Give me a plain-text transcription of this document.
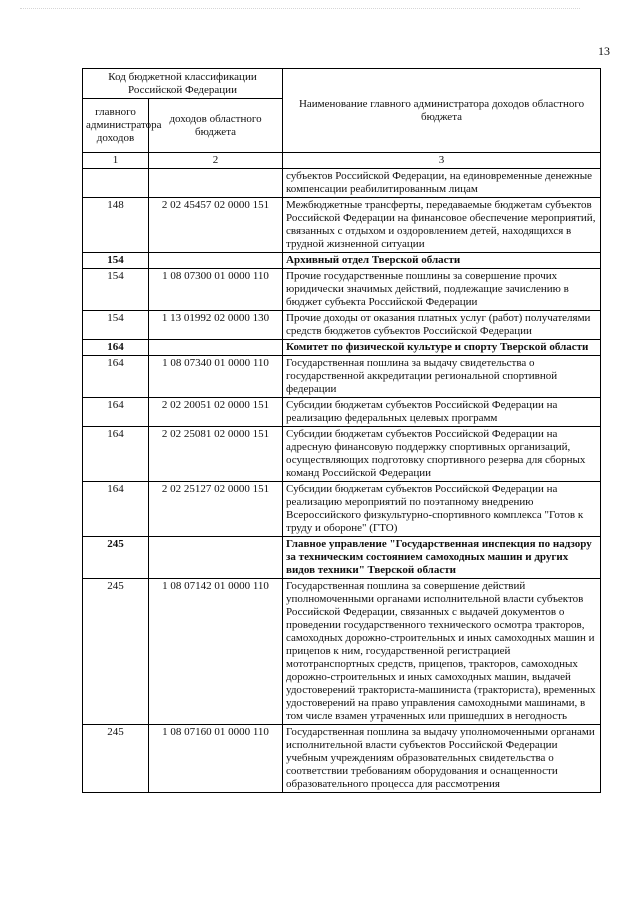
13
Код бюджетной классификации Российской Федерации		Наименование главного администратора доходов областного бюджета
главного администратора доходов	доходов областного бюджета	
1	2	3
		субъектов Российской Федерации, на единовременные денежные компенсации реабилитированным лицам
148	2 02 45457 02 0000 151	Межбюджетные трансферты, передаваемые бюджетам субъектов Российской Федерации на финансовое обеспечение мероприятий, связанных с отдыхом и оздоровлением детей, находящихся в трудной жизненной ситуации
154		Архивный отдел Тверской области
154	1 08 07300 01 0000 110	Прочие государственные пошлины за совершение прочих юридически значимых действий, подлежащие зачислению в бюджет субъекта Российской Федерации
154	1 13 01992 02 0000 130	Прочие доходы от оказания платных услуг (работ) получателями средств бюджетов субъектов Российской Федерации
164		Комитет по физической культуре и спорту Тверской области
164	1 08 07340 01 0000 110	Государственная пошлина за выдачу свидетельства о государственной аккредитации региональной спортивной федерации
164	2 02 20051 02 0000 151	Субсидии бюджетам субъектов Российской Федерации на реализацию федеральных целевых программ
164	2 02 25081 02 0000 151	Субсидии бюджетам субъектов Российской Федерации на адресную финансовую поддержку спортивных организаций, осуществляющих подготовку спортивного резерва для сборных команд Российской Федерации
164	2 02 25127 02 0000 151	Субсидии бюджетам субъектов Российской Федерации на реализацию мероприятий по поэтапному внедрению Всероссийского физкультурно-спортивного комплекса "Готов к труду и обороне" (ГТО)
245		Главное управление "Государственная инспекция по надзору за техническим состоянием самоходных машин и других видов техники" Тверской области
245	1 08 07142 01 0000 110	Государственная пошлина за совершение действий уполномоченными органами исполнительной власти субъектов Российской Федерации, связанных с выдачей документов о проведении государственного технического осмотра тракторов, самоходных дорожно-строительных и иных самоходных машин и прицепов к ним, государственной регистрацией мототранспортных средств, прицепов, тракторов, самоходных дорожно-строительных и иных самоходных машин, выдачей удостоверений тракториста-машиниста (тракториста), временных удостоверений на право управления самоходными машинами, в том числе взамен утраченных или пришедших в негодность
245	1 08 07160 01 0000 110	Государственная пошлина за выдачу уполномоченными органами исполнительной власти субъектов Российской Федерации учебным учреждениям образовательных свидетельства о соответствии требованиям оборудования и оснащенности образовательного процесса для рассмотрения
